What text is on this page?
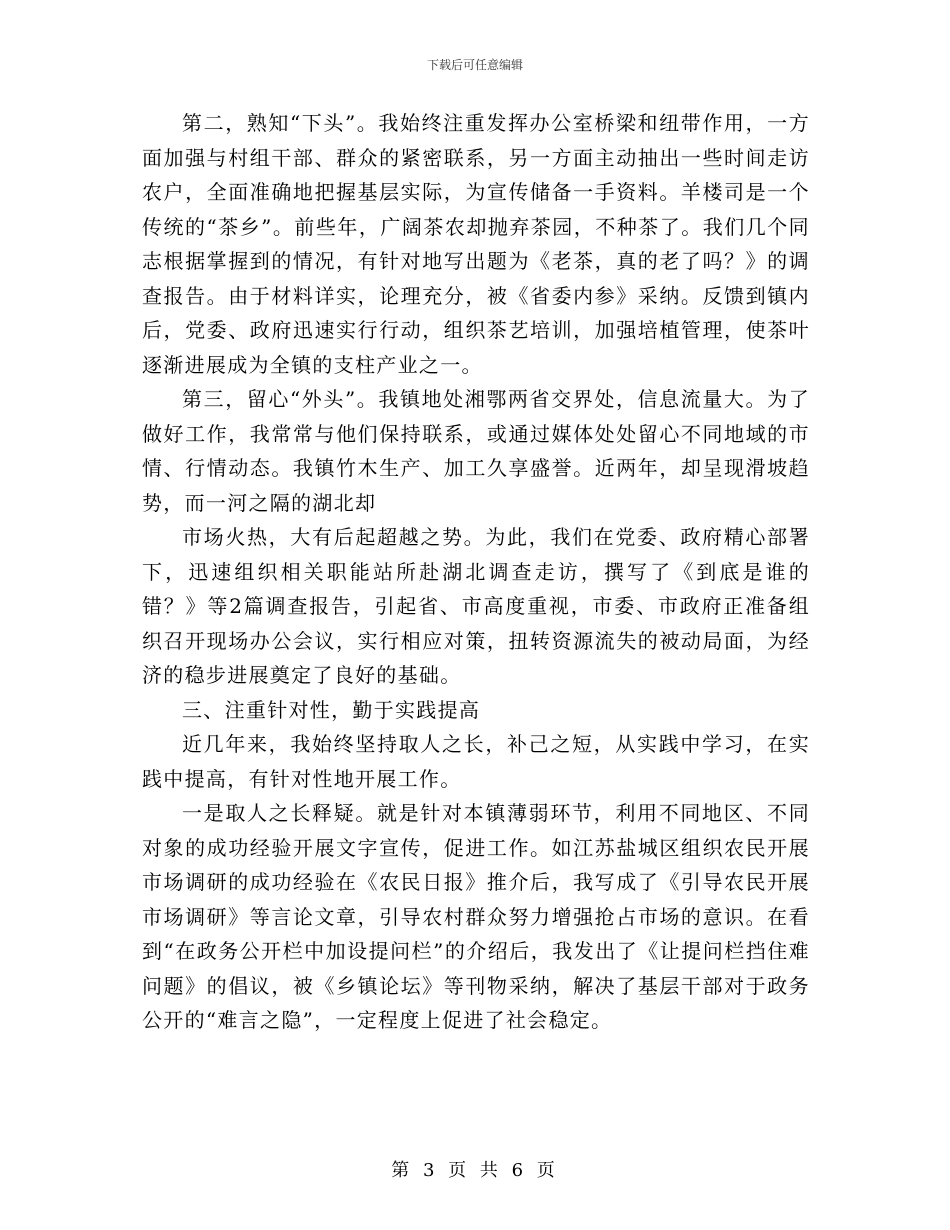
下载后可任意编辑

第二，熟知“下头”。我始终注重发挥办公室桥梁和纽带作用，一方面加强与村组干部、群众的紧密联系，另一方面主动抽出一些时间走访农户，全面准确地把握基层实际，为宣传储备一手资料。羊楼司是一个传统的“茶乡”。前些年，广阔茶农却抛弃茶园，不种茶了。我们几个同志根据掌握到的情况，有针对地写出题为《老茶，真的老了吗？》的调查报告。由于材料详实，论理充分，被《省委内参》采纳。反馈到镇内后，党委、政府迅速实行行动，组织茶艺培训，加强培植管理，使茶叶逐渐进展成为全镇的支柱产业之一。

第三，留心“外头”。我镇地处湘鄂两省交界处，信息流量大。为了做好工作，我常常与他们保持联系，或通过媒体处处留心不同地域的市情、行情动态。我镇竹木生产、加工久享盛誉。近两年，却呈现滑坡趋势，而一河之隔的湖北却

市场火热，大有后起超越之势。为此，我们在党委、政府精心部署下，迅速组织相关职能站所赴湖北调查走访，撰写了《到底是谁的错？》等2篇调查报告，引起省、市高度重视，市委、市政府正准备组织召开现场办公会议，实行相应对策，扭转资源流失的被动局面，为经济的稳步进展奠定了良好的基础。

三、注重针对性，勤于实践提高

近几年来，我始终坚持取人之长，补己之短，从实践中学习，在实践中提高，有针对性地开展工作。

一是取人之长释疑。就是针对本镇薄弱环节，利用不同地区、不同对象的成功经验开展文字宣传，促进工作。如江苏盐城区组织农民开展市场调研的成功经验在《农民日报》推介后，我写成了《引导农民开展市场调研》等言论文章，引导农村群众努力增强抢占市场的意识。在看到“在政务公开栏中加设提问栏”的介绍后，我发出了《让提问栏挡住难问题》的倡议，被《乡镇论坛》等刊物采纳，解决了基层干部对于政务公开的“难言之隐”，一定程度上促进了社会稳定。

第 3 页 共 6 页
